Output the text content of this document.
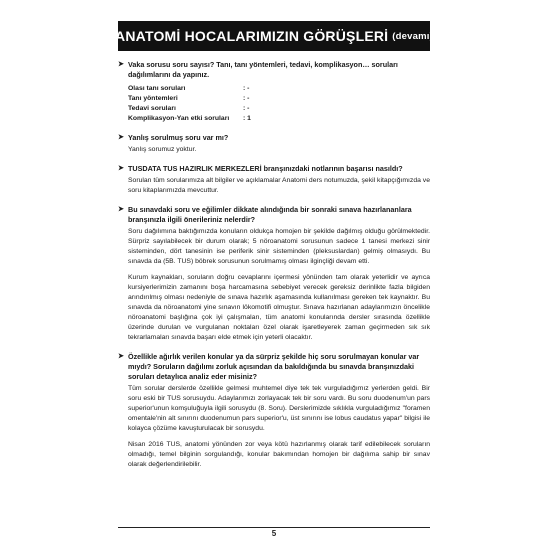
ANATOMİ HOCALARIMIZIN GÖRÜŞLERİ (devamı)
➤ Vaka sorusu soru sayısı? Tanı, tanı yöntemleri, tedavi, komplikasyon… soruları dağılımlarını da yapınız.
Olası tanı soruları	: -
Tanı yöntemleri	: -
Tedavi soruları	: -
Komplikasyon-Yan etki soruları	: 1
➤ Yanlış sorulmuş soru var mı?

Yanlış sorumuz yoktur.

➤ TUSDATA TUS HAZIRLIK MERKEZLERİ branşınızdaki notlarının başarısı nasıldı?

Sorulan tüm sorularımıza alt bilgiler ve açıklamalar Anatomi ders notumuzda, şekil kitapçığımızda ve soru kitaplarımızda mevcuttur.

➤ Bu sınavdaki soru ve eğilimler dikkate alındığında bir sonraki sınava hazırlananlara branşınızla ilgili önerileriniz nelerdir?

Soru dağılımına baktığımızda konuların oldukça homojen bir şekilde dağılmış olduğu görülmektedir. Sürpriz sayılabilecek bir durum olarak; 5 nöroanatomi sorusunun sadece 1 tanesi merkezi sinir sisteminden, dört tanesinin ise periferik sinir sisteminden (pleksuslardan) gelmiş olmasıydı. Bu sınavda da (5B. TUS) böbrek sorusunun sorulmamış olması ilginçliği devam etti.

Kurum kaynakları, soruların doğru cevaplarını içermesi yönünden tam olarak yeterlidir ve ayrıca kursiyerlerimizin zamanını boşa harcamasına sebebiyet verecek gereksiz derinlikte fazla bilgiden arındırılmış olması nedeniyle de sınava hazırlık aşamasında kullanılması gereken tek kaynaktır. Bu sınavda da nöroanatomi yine sınavın lökomotifi olmuştur. Sınava hazırlanan adaylarımızın öncelikle nöroanatomi başlığına çok iyi çalışmaları, tüm anatomi konularında dersler sırasında özellikle üzerinde durulan ve vurgulanan noktaları özel olarak işaretleyerek zaman geçirmeden sık sık tekrarlamaları sınavda başarı elde etmek için yeterli olacaktır.

➤ Özellikle ağırlık verilen konular ya da sürpriz şekilde hiç soru sorulmayan konular var mıydı? Soruların dağılımı zorluk açısından da bakıldığında bu sınavda branşınızdaki soruları detaylıca analiz eder misiniz?

Tüm sorular derslerde özellikle gelmesi muhtemel diye tek tek vurguladığımız yerlerden geldi. Bir soru eski bir TUS sorusuydu. Adaylarımızı zorlayacak tek bir soru vardı. Bu soru duodenum'un pars superior'unun komşuluğuyla ilgili sorusydu (8. Soru). Derslerimizde sıklıkla vurguladığımız "foramen omentale'nin alt sınırını duodenumun pars superior'u, üst sınırını ise lobus caudatus yapar" bilgisi ile kolayca çözüme kavuşturulacak bir sorusydu.

Nisan 2016 TUS, anatomi yönünden zor veya kötü hazırlanmış olarak tarif edilebilecek soruların olmadığı, temel bilginin sorgulandığı, konular bakımından homojen bir dağılıma sahip bir sınav olarak değerlendirilebilir.

5
